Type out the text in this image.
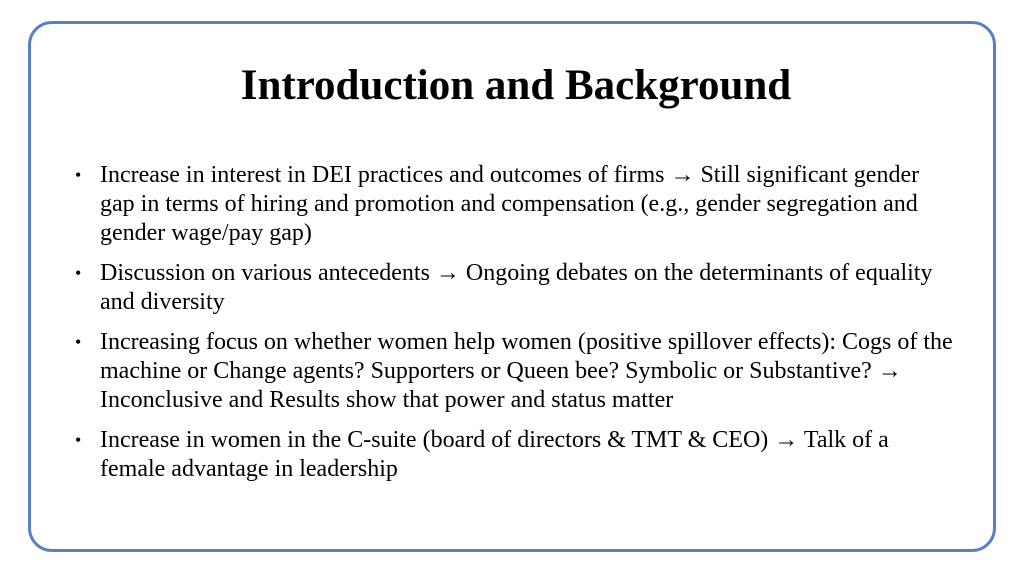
Introduction and Background
• Increase in interest in DEI practices and outcomes of firms → Still significant gender gap in terms of hiring and promotion and compensation (e.g., gender segregation and gender wage/pay gap)
• Discussion on various antecedents → Ongoing debates on the determinants of equality and diversity
• Increasing focus on whether women help women (positive spillover effects): Cogs of the machine or Change agents? Supporters or Queen bee? Symbolic or Substantive? → Inconclusive and Results show that power and status matter
• Increase in women in the C-suite (board of directors & TMT & CEO) → Talk of a female advantage in leadership
